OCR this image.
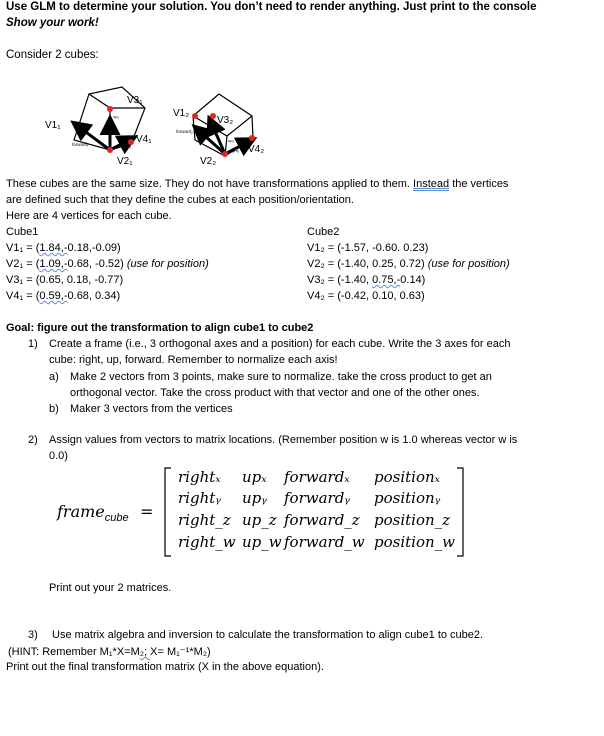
Use GLM to determine your solution. You don’t need to render anything. Just print to the console
Show your work!
Consider 2 cubes:
V3₁
V1₁
V4₁
V2₁
up₁
forward₁	right₁
V1₂
V3₂
V4₂
V2₂
forward₂
up₂
right₂
These cubes are the same size. They do not have transformations applied to them. Instead the vertices
are defined such that they define the cubes at each position/orientation.
Here are 4 vertices for each cube.
Cube1
V1₁ = (1.84,-0.18,-0.09)
V2₁ = (1.09,-0.68, -0.52) (use for position)
V3₁ = (0.65, 0.18, -0.77)
V4₁ = (0.59,-0.68, 0.34)
Cube2
V1₂ = (-1.57, -0.60. 0.23)
V2₂ = (-1.40, 0.25, 0.72) (use for position)
V3₂ = (-1.40, 0.75,-0.14)
V4₂ = (-0.42, 0.10, 0.63)
Goal: figure out the transformation to align cube1 to cube2
1) Create a frame (i.e., 3 orthogonal axes and a position) for each cube. Write the 3 axes for each
cube: right, up, forward. Remember to normalize each axis!
a) Make 2 vectors from 3 points, make sure to normalize. take the cross product to get an
orthogonal vector. Take the cross product with that vector and one of the other ones.
b) Maker 3 vectors from the vertices
2) Assign values from vectors to matrix locations. (Remember position w is 1.0 whereas vector w is
0.0)
frame$_{cube}$ =
rightₓ upₓ forwardₓ positionₓ
rightᵧ upᵧ forwardᵧ positionᵧ
right_z up_z forward_z position_z
right_w up_w forward_w position_w
Print out your 2 matrices.
3) Use matrix algebra and inversion to calculate the transformation to align cube1 to cube2.
(HINT: Remember M₁*X=M₂; X= M₁⁻¹*M₂)
Print out the final transformation matrix (X in the above equation).
